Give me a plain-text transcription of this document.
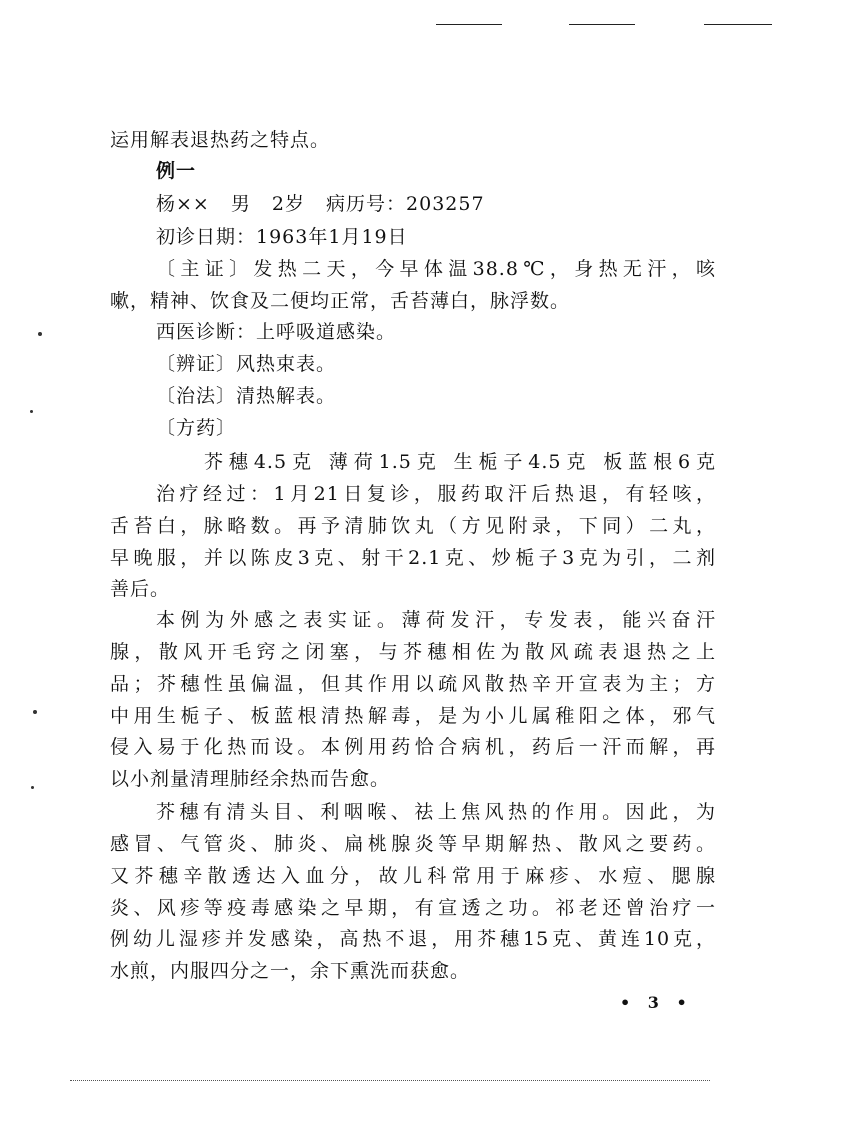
运用解表退热药之特点。
例一
杨×× 男 2岁 病历号：203257
初诊日期：1963年1月19日
〔主证〕发热二天，今早体温38.8℃，身热无汗，咳
嗽，精神、饮食及二便均正常，舌苔薄白，脉浮数。
西医诊断：上呼吸道感染。
〔辨证〕风热束表。
〔治法〕清热解表。
〔方药〕
芥穗4.5克 薄荷1.5克 生栀子4.5克 板蓝根6克
治疗经过：1月21日复诊，服药取汗后热退，有轻咳，
舌苔白，脉略数。再予清肺饮丸（方见附录，下同）二丸，
早晚服，并以陈皮3克、射干2.1克、炒栀子3克为引，二剂
善后。
本例为外感之表实证。薄荷发汗，专发表，能兴奋汗
腺，散风开毛窍之闭塞，与芥穗相佐为散风疏表退热之上
品；芥穗性虽偏温，但其作用以疏风散热辛开宣表为主；方
中用生栀子、板蓝根清热解毒，是为小儿属稚阳之体，邪气
侵入易于化热而设。本例用药恰合病机，药后一汗而解，再
以小剂量清理肺经余热而告愈。
芥穗有清头目、利咽喉、祛上焦风热的作用。因此，为
感冒、气管炎、肺炎、扁桃腺炎等早期解热、散风之要药。
又芥穗辛散透达入血分，故儿科常用于麻疹、水痘、腮腺
炎、风疹等疫毒感染之早期，有宣透之功。祁老还曾治疗一
例幼儿湿疹并发感染，高热不退，用芥穗15克、黄连10克，
水煎，内服四分之一，余下熏洗而获愈。
• 3 •
